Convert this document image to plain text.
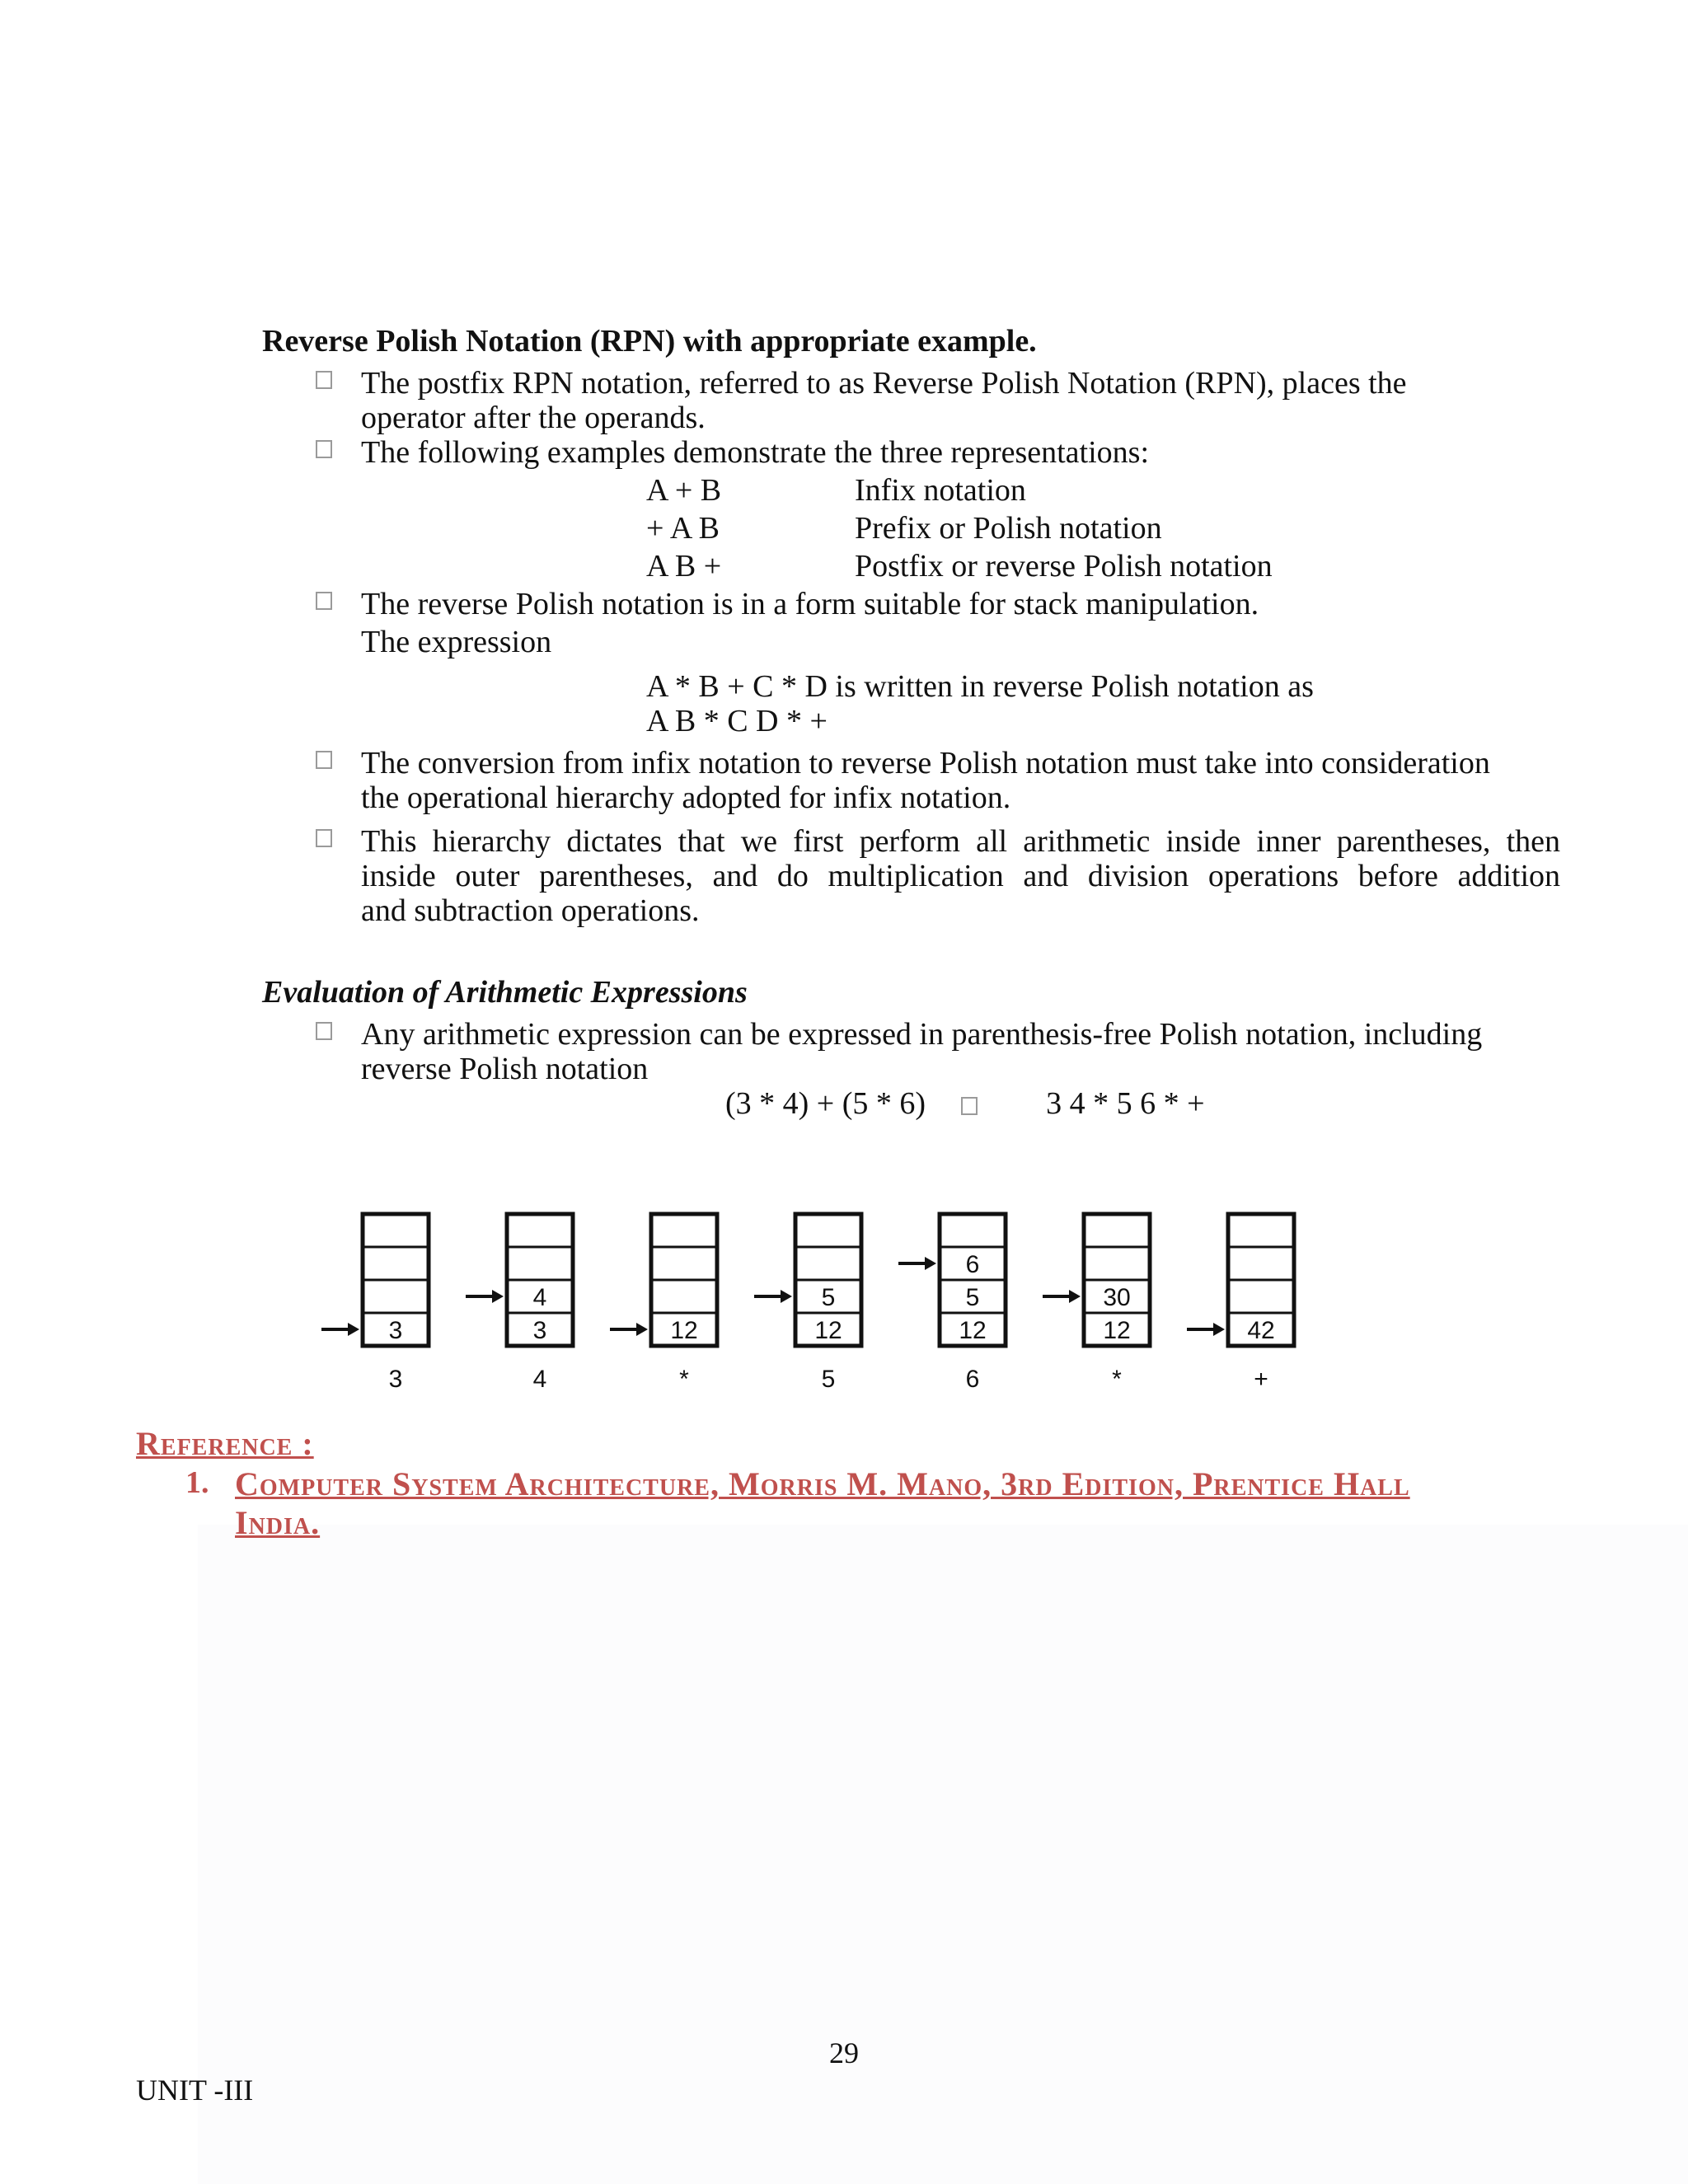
Reverse Polish Notation (RPN) with appropriate example.
The postfix RPN notation, referred to as Reverse Polish Notation (RPN), places the
operator after the operands.
The following examples demonstrate the three representations:
A + B	Infix notation
+ A B	Prefix or Polish notation
A B +	Postfix or reverse Polish notation
The reverse Polish notation is in a form suitable for stack manipulation.
The expression
A * B + C * D is written in reverse Polish notation as
A B * C D * +
The conversion from infix notation to reverse Polish notation must take into consideration
the operational hierarchy adopted for infix notation.
This hierarchy dictates that we first perform all arithmetic inside inner parentheses, then
inside outer parentheses, and do multiplication and division operations before addition
and subtraction operations.
Evaluation of Arithmetic Expressions
Any arithmetic expression can be expressed in parenthesis-free Polish notation, including
reverse Polish notation
(3 * 4) + (5 * 6)	3 4 * 5 6 * +
3
3
3
4
4
12
*
12
5
5
12
5
6
6
12
30
*
42
+
Reference :
1. Computer System Architecture, Morris M. Mano, 3rd Edition, Prentice Hall
India.
29
UNIT -III
